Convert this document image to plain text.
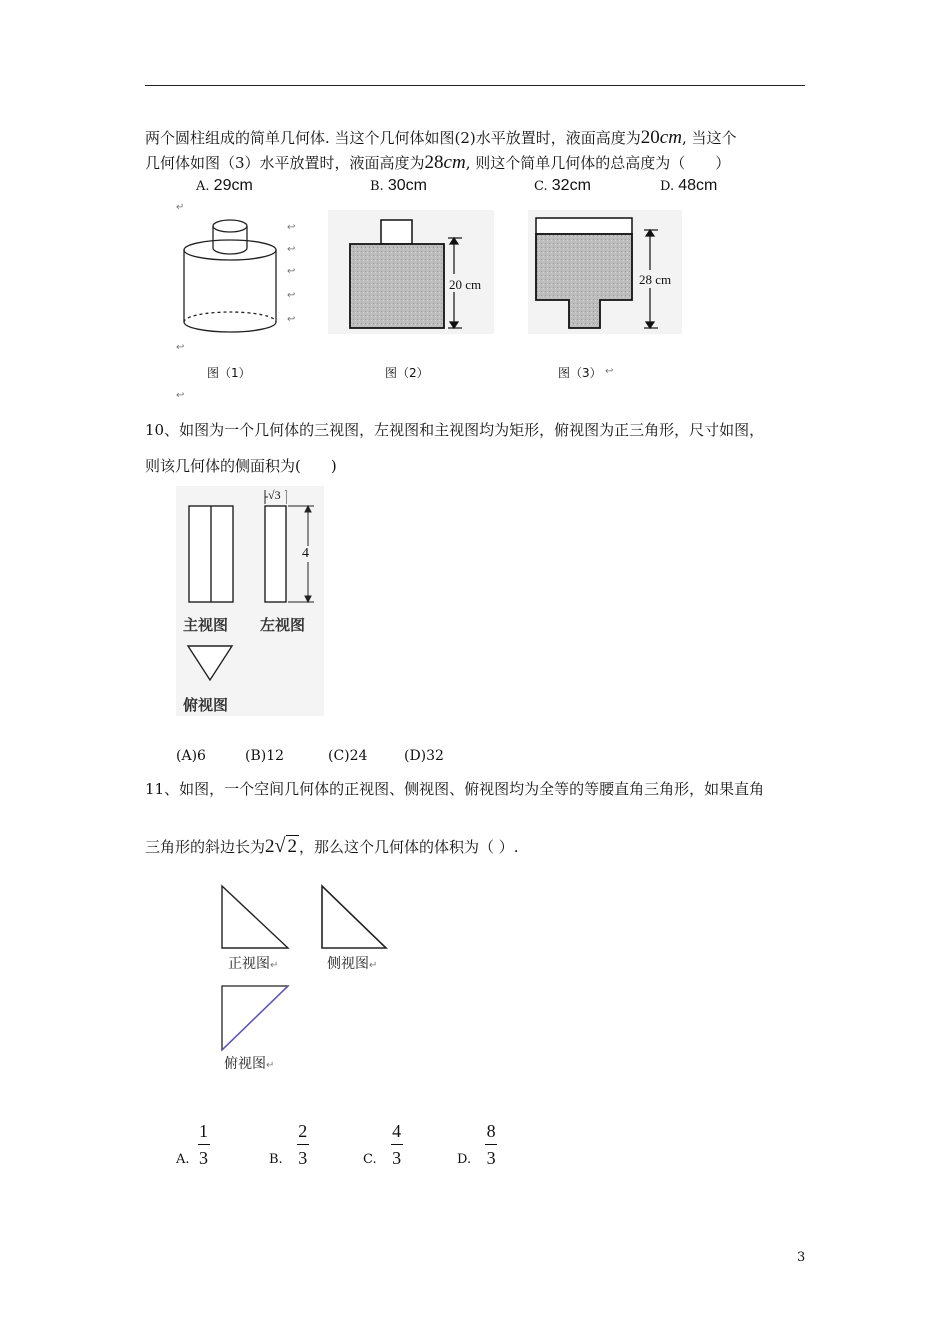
两个圆柱组成的简单几何体. 当这个几何体如图(2)水平放置时，液面高度为20cm, 当这个
几何体如图（3）水平放置时，液面高度为28cm, 则这个简单几何体的总高度为（　　）
A. 29cm	B. 30cm	C. 32cm	D. 48cm
↵
↩
↩
↩
↩
↩
↩
↩
↩
图（1）
20 cm
图（2）
28 cm
图（3）
10、如图为一个几何体的三视图，左视图和主视图均为矩形，俯视图为正三角形，尺寸如图，
则该几何体的侧面积为(　　)
√3
4
主视图 左视图
俯视图
(A)6	(B)12	(C)24	(D)32
11、如图，一个空间几何体的正视图、侧视图、俯视图均为全等的等腰直角三角形，如果直角
三角形的斜边长为2√ 2 ，那么这个几何体的体积为（ ）.
正视图↵	侧视图↵
俯视图↵
A. $\frac{1}{3}$	B. $\frac{2}{3}$	C. $\frac{4}{3}$	D. $\frac{8}{3}$
3
